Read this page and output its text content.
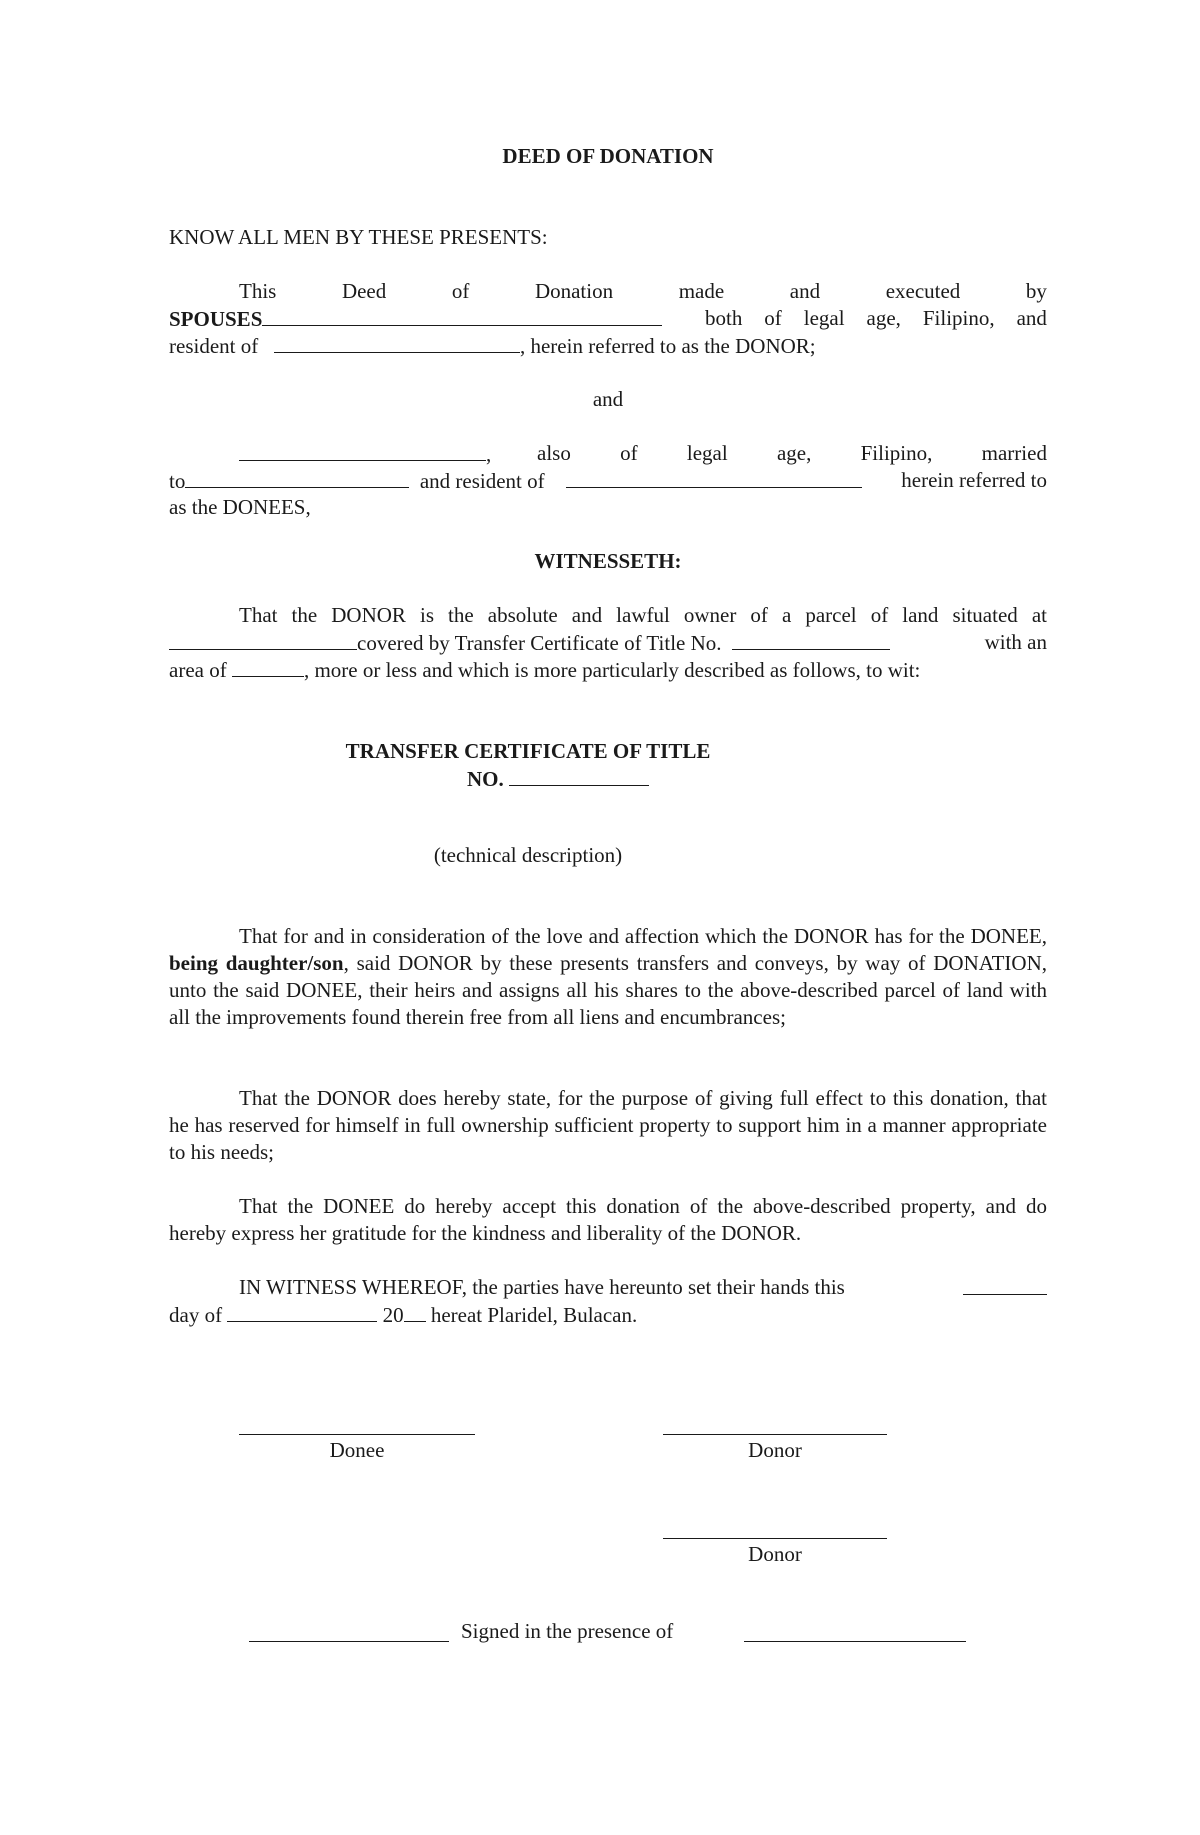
DEED OF DONATION
KNOW ALL MEN BY THESE PRESENTS:
This	Deed	of	Donation	made	and	executed	by
SPOUSES	both of legal age, Filipino, and
resident of	, herein referred to as the DONOR;
and
, also of legal age, Filipino, married
to	and resident of	herein referred to
as the DONEES,
WITNESSETH:
That the DONOR is the absolute and lawful owner of a parcel of land situated at
covered by Transfer Certificate of Title No.	with an
area of	, more or less and which is more particularly described as follows, to wit:
TRANSFER CERTIFICATE OF TITLE
NO.
(technical description)
That for and in consideration of the love and affection which the DONOR has for the DONEE, being daughter/son, said DONOR by these presents transfers and conveys, by way of DONATION, unto the said DONEE, their heirs and assigns all his shares to the above-described parcel of land with all the improvements found therein free from all liens and encumbrances;
That the DONOR does hereby state, for the purpose of giving full effect to this donation, that he has reserved for himself in full ownership sufficient property to support him in a manner appropriate to his needs;
That the DONEE do hereby accept this donation of the above-described property, and do hereby express her gratitude for the kindness and liberality of the DONOR.
IN WITNESS WHEREOF, the parties have hereunto set their hands this
day of	20 hereat Plaridel, Bulacan.
Donee	Donor
Donor
Signed in the presence of
